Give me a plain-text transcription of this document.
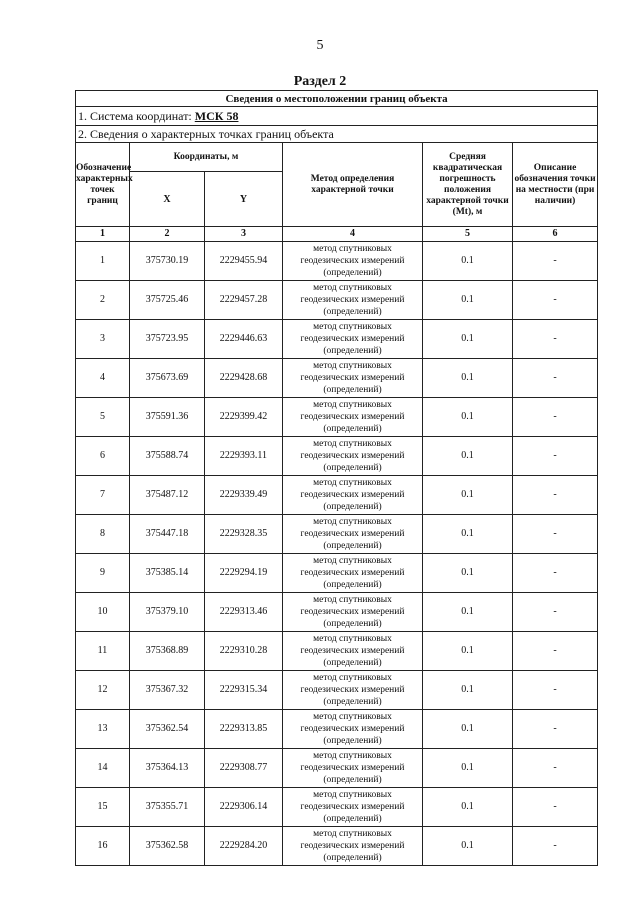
5
Раздел 2
Сведения о местоположении границ объекта					
1. Система координат: МСК 58					
2. Сведения о характерных точках границ объекта					
Обозначение характерных точек границ	Координаты, м		Метод определения характерной точки	Средняя квадратическая погрешность положения характерной точки (Mt), м	Описание обозначения точки на местности (при наличии)
	X	Y			
1	2	3	4	5	6
1	375730.19	2229455.94	метод спутниковых геодезических измерений (определений)	0.1	-
2	375725.46	2229457.28	метод спутниковых геодезических измерений (определений)	0.1	-
3	375723.95	2229446.63	метод спутниковых геодезических измерений (определений)	0.1	-
4	375673.69	2229428.68	метод спутниковых геодезических измерений (определений)	0.1	-
5	375591.36	2229399.42	метод спутниковых геодезических измерений (определений)	0.1	-
6	375588.74	2229393.11	метод спутниковых геодезических измерений (определений)	0.1	-
7	375487.12	2229339.49	метод спутниковых геодезических измерений (определений)	0.1	-
8	375447.18	2229328.35	метод спутниковых геодезических измерений (определений)	0.1	-
9	375385.14	2229294.19	метод спутниковых геодезических измерений (определений)	0.1	-
10	375379.10	2229313.46	метод спутниковых геодезических измерений (определений)	0.1	-
11	375368.89	2229310.28	метод спутниковых геодезических измерений (определений)	0.1	-
12	375367.32	2229315.34	метод спутниковых геодезических измерений (определений)	0.1	-
13	375362.54	2229313.85	метод спутниковых геодезических измерений (определений)	0.1	-
14	375364.13	2229308.77	метод спутниковых геодезических измерений (определений)	0.1	-
15	375355.71	2229306.14	метод спутниковых геодезических измерений (определений)	0.1	-
16	375362.58	2229284.20	метод спутниковых геодезических измерений (определений)	0.1	-
